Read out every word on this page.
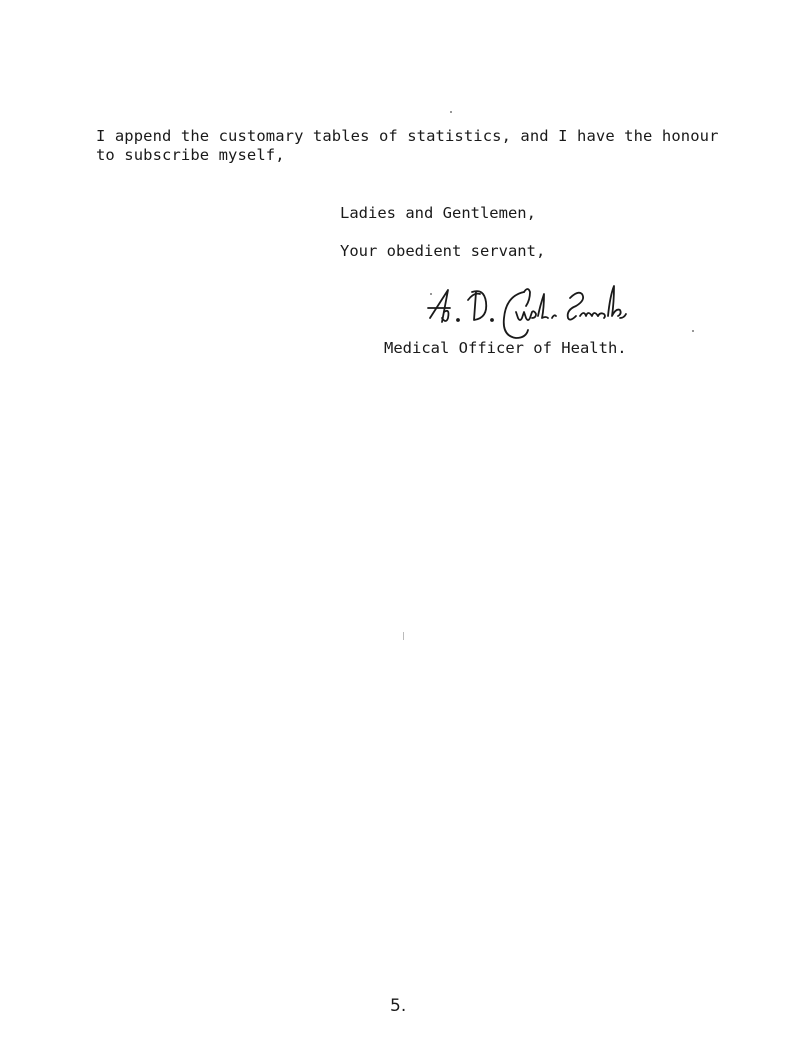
I append the customary tables of statistics, and I have the honour
to subscribe myself,

Ladies and Gentlemen,
Your obedient servant,
Medical Officer of Health.
5.
